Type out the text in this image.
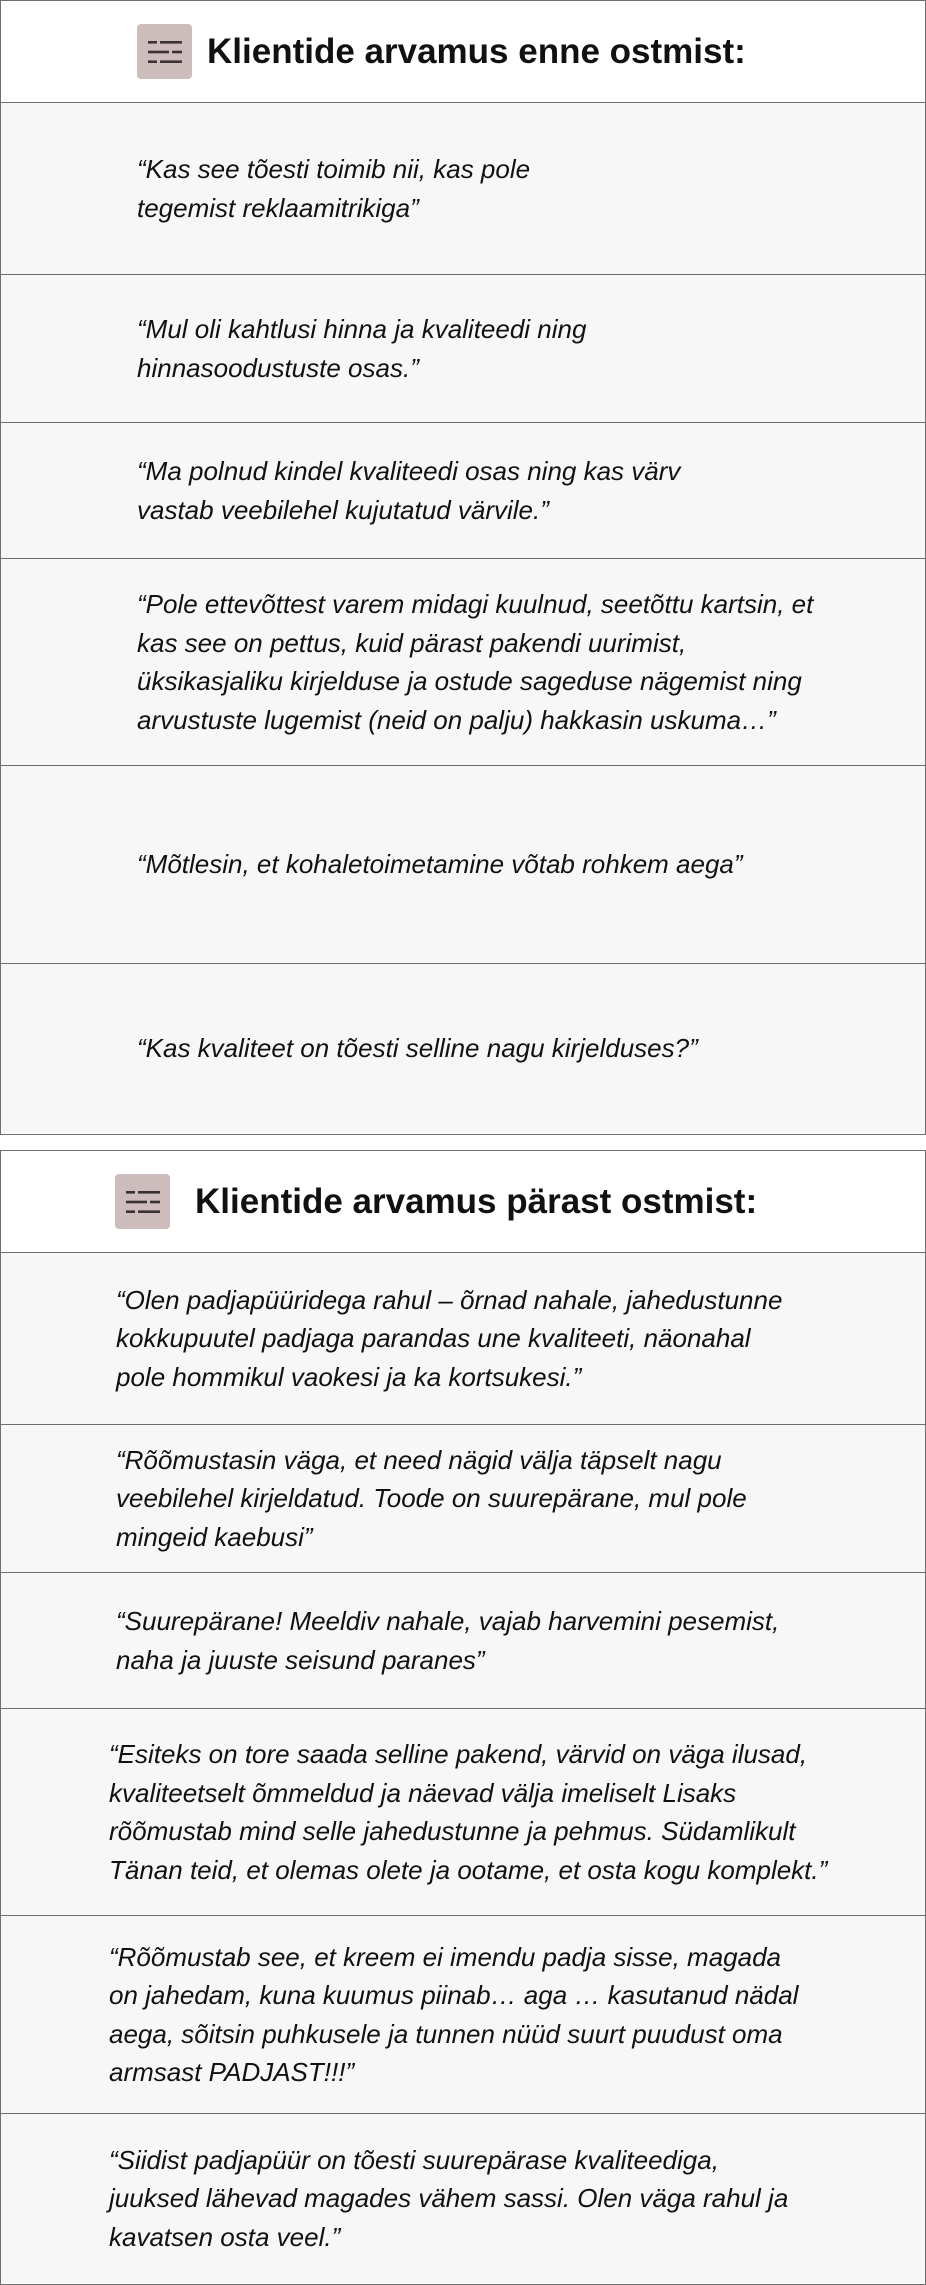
Klientide arvamus enne ostmist:
“Kas see tõesti toimib nii, kas pole
tegemist reklaamitrikiga”
“Mul oli kahtlusi hinna ja kvaliteedi ning
hinnasoodustuste osas.”
“Ma polnud kindel kvaliteedi osas ning kas värv
vastab veebilehel kujutatud värvile.”
“Pole ettevõttest varem midagi kuulnud, seetõttu kartsin, et
kas see on pettus, kuid pärast pakendi uurimist,
üksikasjaliku kirjelduse ja ostude sageduse nägemist ning
arvustuste lugemist (neid on palju) hakkasin uskuma…”
“Mõtlesin, et kohaletoimetamine võtab rohkem aega”
“Kas kvaliteet on tõesti selline nagu kirjelduses?”
Klientide arvamus pärast ostmist:
“Olen padjapüüridega rahul – õrnad nahale, jahedustunne
kokkupuutel padjaga parandas une kvaliteeti, näonahal
pole hommikul vaokesi ja ka kortsukesi.”
“Rõõmustasin väga, et need nägid välja täpselt nagu
veebilehel kirjeldatud. Toode on suurepärane, mul pole
mingeid kaebusi”
“Suurepärane! Meeldiv nahale, vajab harvemini pesemist,
naha ja juuste seisund paranes”
“Esiteks on tore saada selline pakend, värvid on väga ilusad,
kvaliteetselt õmmeldud ja näevad välja imeliselt Lisaks
rõõmustab mind selle jahedustunne ja pehmus. Südamlikult
Tänan teid, et olemas olete ja ootame, et osta kogu komplekt.”
“Rõõmustab see, et kreem ei imendu padja sisse, magada
on jahedam, kuna kuumus piinab… aga … kasutanud nädal
aega, sõitsin puhkusele ja tunnen nüüd suurt puudust oma
armsast PADJAST!!!”
“Siidist padjapüür on tõesti suurepärase kvaliteediga,
juuksed lähevad magades vähem sassi. Olen väga rahul ja
kavatsen osta veel.”
